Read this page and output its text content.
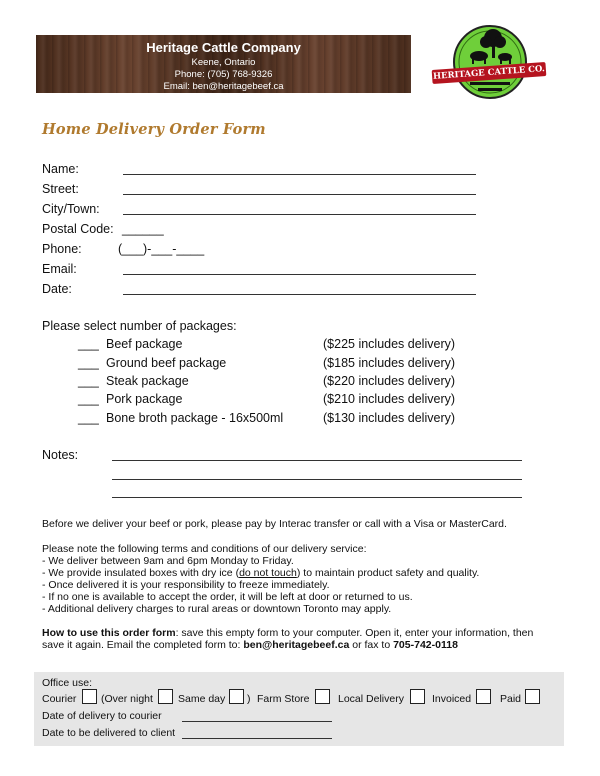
Heritage Cattle Company
Keene, Ontario
Phone: (705) 768-9326
Email: ben@heritagebeef.ca
HERITAGE CATTLE CO.
Home Delivery Order Form
Name:
Street:
City/Town:
Postal Code: ______
Phone:	(___)-___-____
Email:
Date:
Please select number of packages:
___ Beef package	($225 includes delivery)
___ Ground beef package	($185 includes delivery)
___ Steak package	($220 includes delivery)
___ Pork package	($210 includes delivery)
___ Bone broth package - 16x500ml	($130 includes delivery)
Notes:
Before we deliver your beef or pork, please pay by Interac transfer or call with a Visa or MasterCard.
Please note the following terms and conditions of our delivery service:
- We deliver between 9am and 6pm Monday to Friday.
- We provide insulated boxes with dry ice (do not touch) to maintain product safety and quality.
- Once delivered it is your responsibility to freeze immediately.
- If no one is available to accept the order, it will be left at door or returned to us.
- Additional delivery charges to rural areas or downtown Toronto may apply.
How to use this order form: save this empty form to your computer. Open it, enter your information, then save it again. Email the completed form to: ben@heritagebeef.ca or fax to 705-742-0118
Office use:
Courier (Over night Same day ) Farm Store	Local Delivery	Invoiced	Paid
Date of delivery to courier
Date to be delivered to client
